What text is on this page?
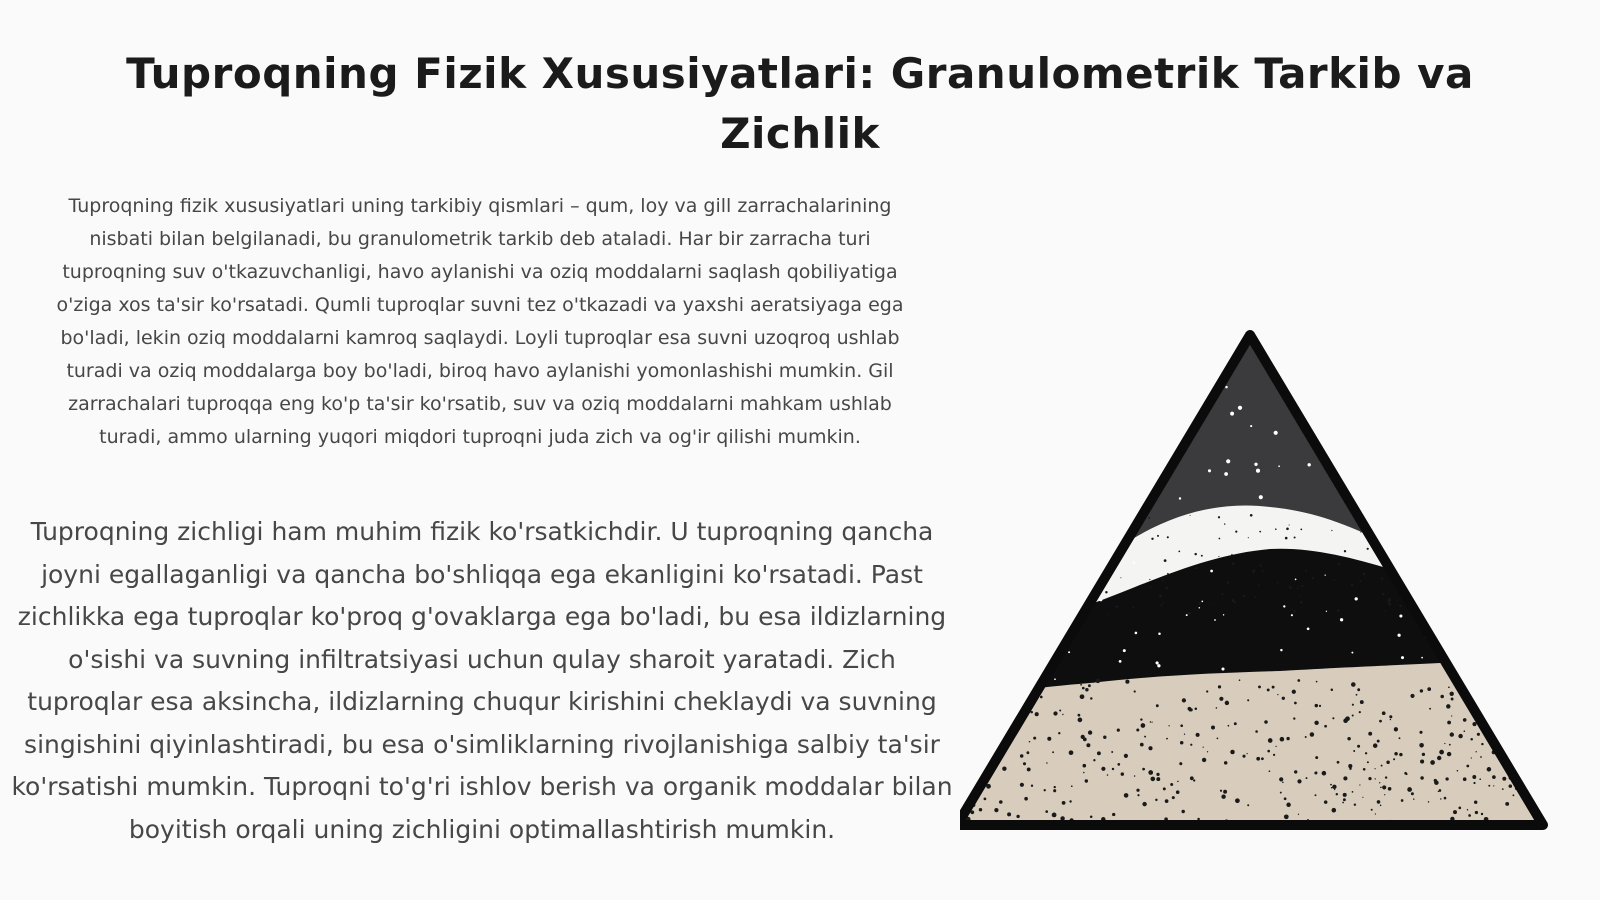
Tuproqning Fizik Xususiyatlari: Granulometrik Tarkib va Zichlik

Tuproqning fizik xususiyatlari uning tarkibiy qismlari – qum, loy va gill zarrachalarining nisbati bilan belgilanadi, bu granulometrik tarkib deb ataladi. Har bir zarracha turi tuproqning suv o'tkazuvchanligi, havo aylanishi va oziq moddalarni saqlash qobiliyatiga o'ziga xos ta'sir ko'rsatadi. Qumli tuproqlar suvni tez o'tkazadi va yaxshi aeratsiyaga ega bo'ladi, lekin oziq moddalarni kamroq saqlaydi. Loyli tuproqlar esa suvni uzoqroq ushlab turadi va oziq moddalarga boy bo'ladi, biroq havo aylanishi yomonlashishi mumkin. Gil zarrachalari tuproqqa eng ko'p ta'sir ko'rsatib, suv va oziq moddalarni mahkam ushlab turadi, ammo ularning yuqori miqdori tuproqni juda zich va og'ir qilishi mumkin.

Tuproqning zichligi ham muhim fizik ko'rsatkichdir. U tuproqning qancha joyni egallaganligi va qancha bo'shliqqa ega ekanligini ko'rsatadi. Past zichlikka ega tuproqlar ko'proq g'ovaklarga ega bo'ladi, bu esa ildizlarning o'sishi va suvning infiltratsiyasi uchun qulay sharoit yaratadi. Zich tuproqlar esa aksincha, ildizlarning chuqur kirishini cheklaydi va suvning singishini qiyinlashtiradi, bu esa o'simliklarning rivojlanishiga salbiy ta'sir ko'rsatishi mumkin. Tuproqni to'g'ri ishlov berish va organik moddalar bilan boyitish orqali uning zichligini optimallashtirish mumkin.
